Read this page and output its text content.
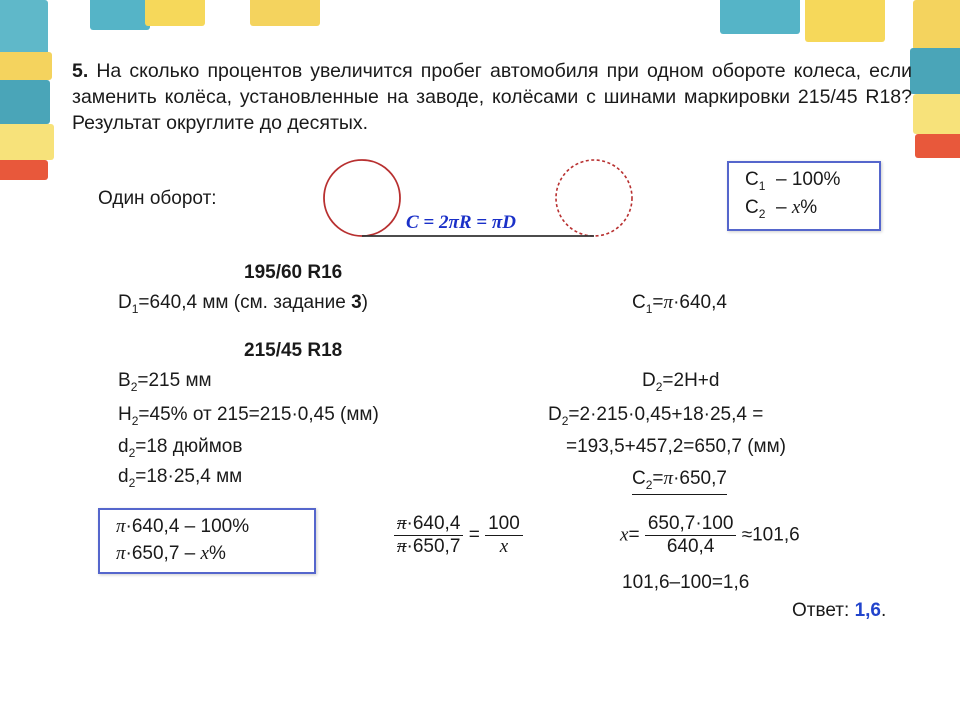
5. На сколько процентов увеличится пробег автомобиля при одном обороте колеса, если заменить колёса, установленные на заводе, колёсами с шинами маркировки 215/45 R18? Результат округлите до десятых.

Один оборот:
C = 2πR = πD
$C_1 - 100\%$
$C_2 - x\%$
195/60 R16
$D_1=640,4$ мм (см. задание 3)	$C_1=\pi\cdot 640,4$
215/45 R18
$B_2=215$ мм
$H_2=45\%$ от 215=215·0,45 (мм)
$d_2=18$ дюймов
$d_2=18\cdot 25,4$ мм
$D_2=2H+d$
$D_2=2\cdot 215\cdot 0,45+18\cdot 25,4$ =
=193,5+457,2=650,7 (мм)
$C_2=\pi\cdot 650,7$
π·640,4 – 100%
π·650,7 – x%	$\frac{\pi\cdot 640,4}{\pi\cdot 650,7} = \frac{100}{x}$	$x= \frac{650,7\cdot 100}{640,4} \approx 101,6$
101,6–100=1,6
Ответ: 1,6.
